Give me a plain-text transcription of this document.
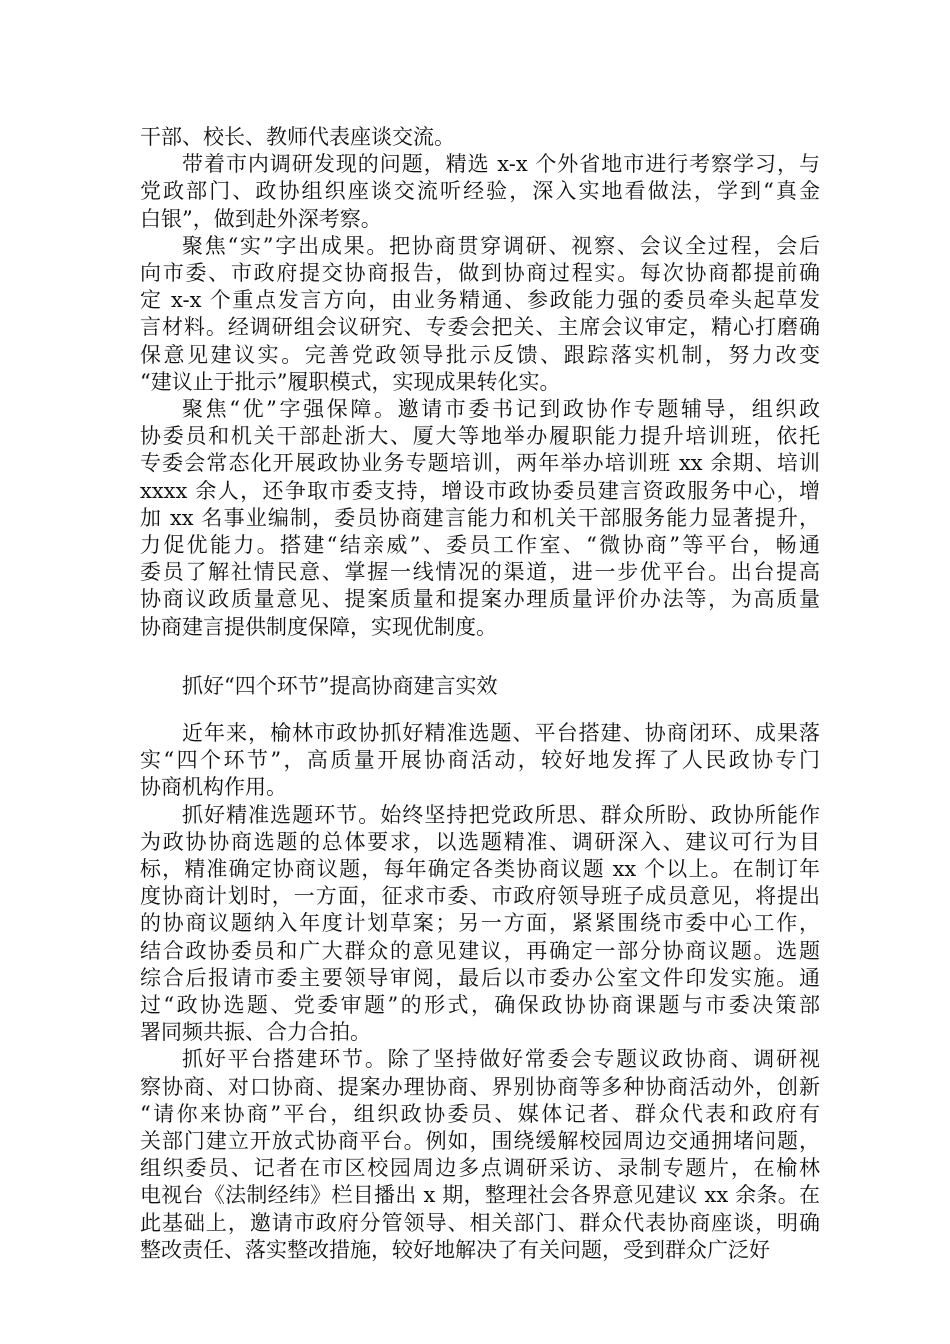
干部、校长、教师代表座谈交流。
带着市内调研发现的问题，精选 x-x 个外省地市进行考察学习，与
党政部门、政协组织座谈交流听经验，深入实地看做法，学到“真金
白银”，做到赴外深考察。
聚焦“实”字出成果。把协商贯穿调研、视察、会议全过程，会后
向市委、市政府提交协商报告，做到协商过程实。每次协商都提前确
定 x-x 个重点发言方向，由业务精通、参政能力强的委员牵头起草发
言材料。经调研组会议研究、专委会把关、主席会议审定，精心打磨确
保意见建议实。完善党政领导批示反馈、跟踪落实机制，努力改变
“建议止于批示”履职模式，实现成果转化实。
聚焦“优”字强保障。邀请市委书记到政协作专题辅导，组织政
协委员和机关干部赴浙大、厦大等地举办履职能力提升培训班，依托
专委会常态化开展政协业务专题培训，两年举办培训班 xx 余期、培训
xxxx 余人，还争取市委支持，增设市政协委员建言资政服务中心，增
加 xx 名事业编制，委员协商建言能力和机关干部服务能力显著提升，
力促优能力。搭建“结亲威”、委员工作室、“微协商”等平台，畅通
委员了解社情民意、掌握一线情况的渠道，进一步优平台。出台提高
协商议政质量意见、提案质量和提案办理质量评价办法等，为高质量
协商建言提供制度保障，实现优制度。
抓好“四个环节”提高协商建言实效
近年来，榆林市政协抓好精准选题、平台搭建、协商闭环、成果落
实“四个环节”，高质量开展协商活动，较好地发挥了人民政协专门
协商机构作用。
抓好精准选题环节。始终坚持把党政所思、群众所盼、政协所能作
为政协协商选题的总体要求，以选题精准、调研深入、建议可行为目
标，精准确定协商议题，每年确定各类协商议题 xx 个以上。在制订年
度协商计划时，一方面，征求市委、市政府领导班子成员意见，将提出
的协商议题纳入年度计划草案；另一方面，紧紧围绕市委中心工作，
结合政协委员和广大群众的意见建议，再确定一部分协商议题。选题
综合后报请市委主要领导审阅，最后以市委办公室文件印发实施。通
过“政协选题、党委审题”的形式，确保政协协商课题与市委决策部
署同频共振、合力合拍。
抓好平台搭建环节。除了坚持做好常委会专题议政协商、调研视
察协商、对口协商、提案办理协商、界别协商等多种协商活动外，创新
“请你来协商”平台，组织政协委员、媒体记者、群众代表和政府有
关部门建立开放式协商平台。例如，围绕缓解校园周边交通拥堵问题，
组织委员、记者在市区校园周边多点调研采访、录制专题片，在榆林
电视台《法制经纬》栏目播出 x 期，整理社会各界意见建议 xx 余条。在
此基础上，邀请市政府分管领导、相关部门、群众代表协商座谈，明确
整改责任、落实整改措施，较好地解决了有关问题，受到群众广泛好
